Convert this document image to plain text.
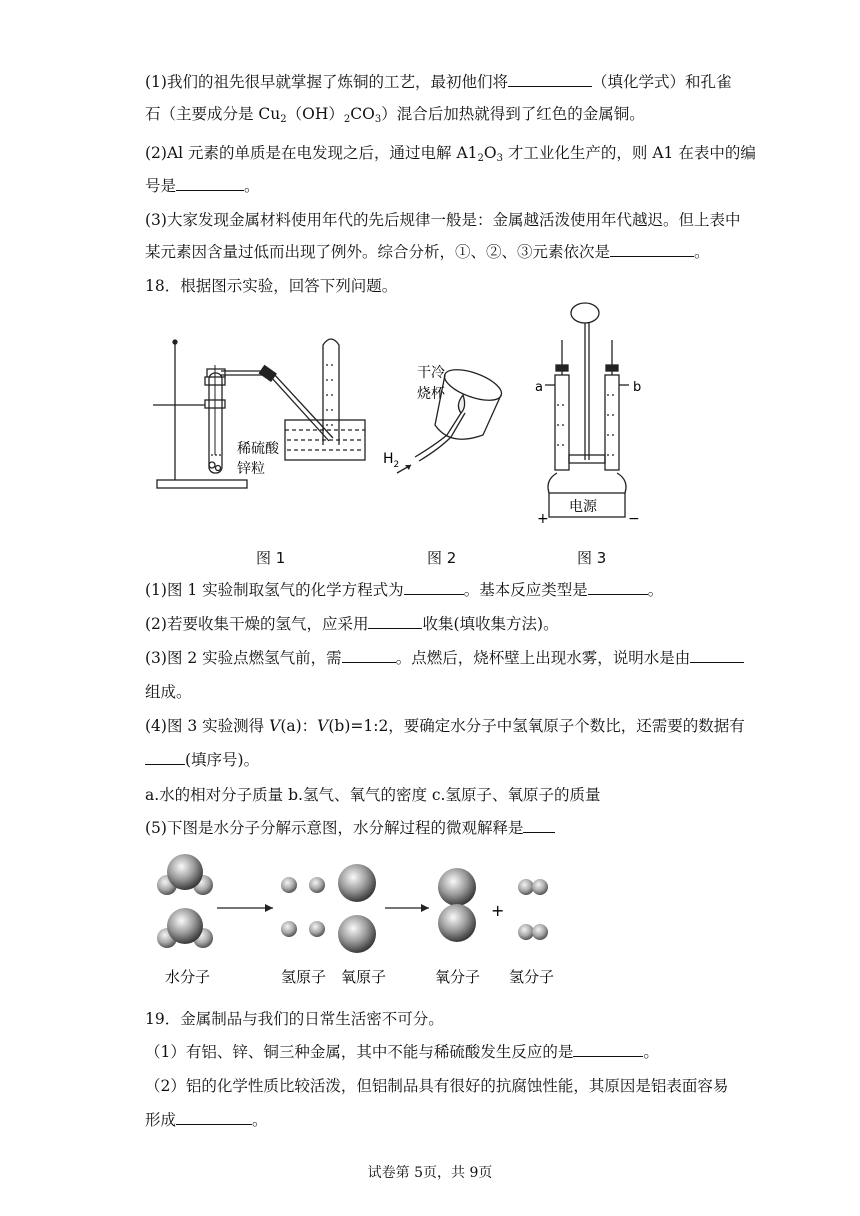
(1)我们的祖先很早就掌握了炼铜的工艺，最初他们将	（填化学式）和孔雀
石（主要成分是 $Cu_2(OH)_2CO_3$）混合后加热就得到了红色的金属铜。
(2)Al 元素的单质是在电发现之后，通过电解 $A1_2O_3$ 才工业化生产的，则 A1 在表中的编
号是	。
(3)大家发现金属材料使用年代的先后规律一般是：金属越活泼使用年代越迟。但上表中
某元素因含量过低而出现了例外。综合分析，①、②、③元素依次是	。
18．根据图示实验，回答下列问题。
稀硫酸
锌粒
干冷
烧杯
$H_2$
a	b
电源
+	−
图 1	图 2	图 3
(1)图 1 实验制取氢气的化学方程式为	。基本反应类型是	。
(2)若要收集干燥的氢气，应采用	收集(填收集方法)。
(3)图 2 实验点燃氢气前，需	。点燃后，烧杯壁上出现水雾，说明水是由
组成。
(4)图 3 实验测得 V(a)：V(b)=1:2，要确定水分子中氢氧原子个数比，还需要的数据有
(填序号)。
a.水的相对分子质量 b.氢气、氧气的密度 c.氢原子、氧原子的质量
(5)下图是水分子分解示意图，水分解过程的微观解释是
+
水分子	氢原子 氧原子	氧分子 氢分子
19．金属制品与我们的日常生活密不可分。
（1）有铝、锌、铜三种金属，其中不能与稀硫酸发生反应的是	。
（2）铝的化学性质比较活泼，但铝制品具有很好的抗腐蚀性能，其原因是铝表面容易
形成	。
试卷第 5页，共 9页
